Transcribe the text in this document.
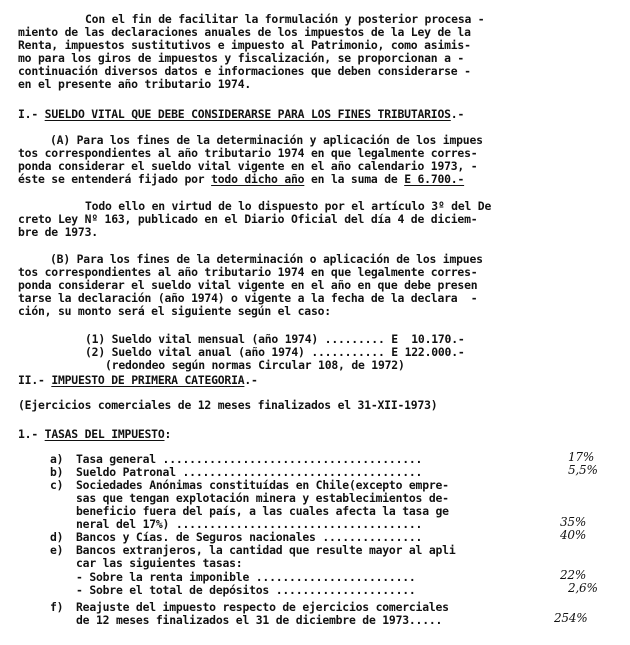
Con el fin de facilitar la formulación y posterior procesa -
miento de las declaraciones anuales de los impuestos de la Ley de la
Renta, impuestos sustitutivos e impuesto al Patrimonio, como asimis-
mo para los giros de impuestos y fiscalización, se proporcionan a -
continuación diversos datos e informaciones que deben considerarse -
en el presente año tributario 1974.
I.- SUELDO VITAL QUE DEBE CONSIDERARSE PARA LOS FINES TRIBUTARIOS.-
(A) Para los fines de la determinación y aplicación de los impues
tos correspondientes al año tributario 1974 en que legalmente corres-
ponda considerar el sueldo vital vigente en el año calendario 1973, -
éste se entenderá fijado por todo dicho año en la suma de E 6.700.-
Todo ello en virtud de lo dispuesto por el artículo 3º del De
creto Ley Nº 163, publicado en el Diario Oficial del día 4 de diciem-
bre de 1973.
(B) Para los fines de la determinación o aplicación de los impues
tos correspondientes al año tributario 1974 en que legalmente corres-
ponda considerar el sueldo vital vigente en el año en que debe presen
tarse la declaración (año 1974) o vigente a la fecha de la declara  -
ción, su monto será el siguiente según el caso:
(1) Sueldo vital mensual (año 1974) ......... E  10.170.-
(2) Sueldo vital anual (año 1974) ........... E 122.000.-
(redondeo según normas Circular 108, de 1972)
II.- IMPUESTO DE PRIMERA CATEGORIA.-
(Ejercicios comerciales de 12 meses finalizados el 31-XII-1973)
1.- TASAS DEL IMPUESTO:
a) Tasa general .......................................	17%
b) Sueldo Patronal ....................................	5,5%
c) Sociedades Anónimas constituídas en Chile(excepto empre-
sas que tengan explotación minera y establecimientos de-
beneficio fuera del país, a las cuales afecta la tasa ge
neral del 17%) .....................................	35%
d) Bancos y Cías. de Seguros nacionales ...............	40%
e) Bancos extranjeros, la cantidad que resulte mayor al apli
car las siguientes tasas:
- Sobre la renta imponible ........................	22%
- Sobre el total de depósitos .....................	2,6%
f) Reajuste del impuesto respecto de ejercicios comerciales
de 12 meses finalizados el 31 de diciembre de 1973.....	254%
